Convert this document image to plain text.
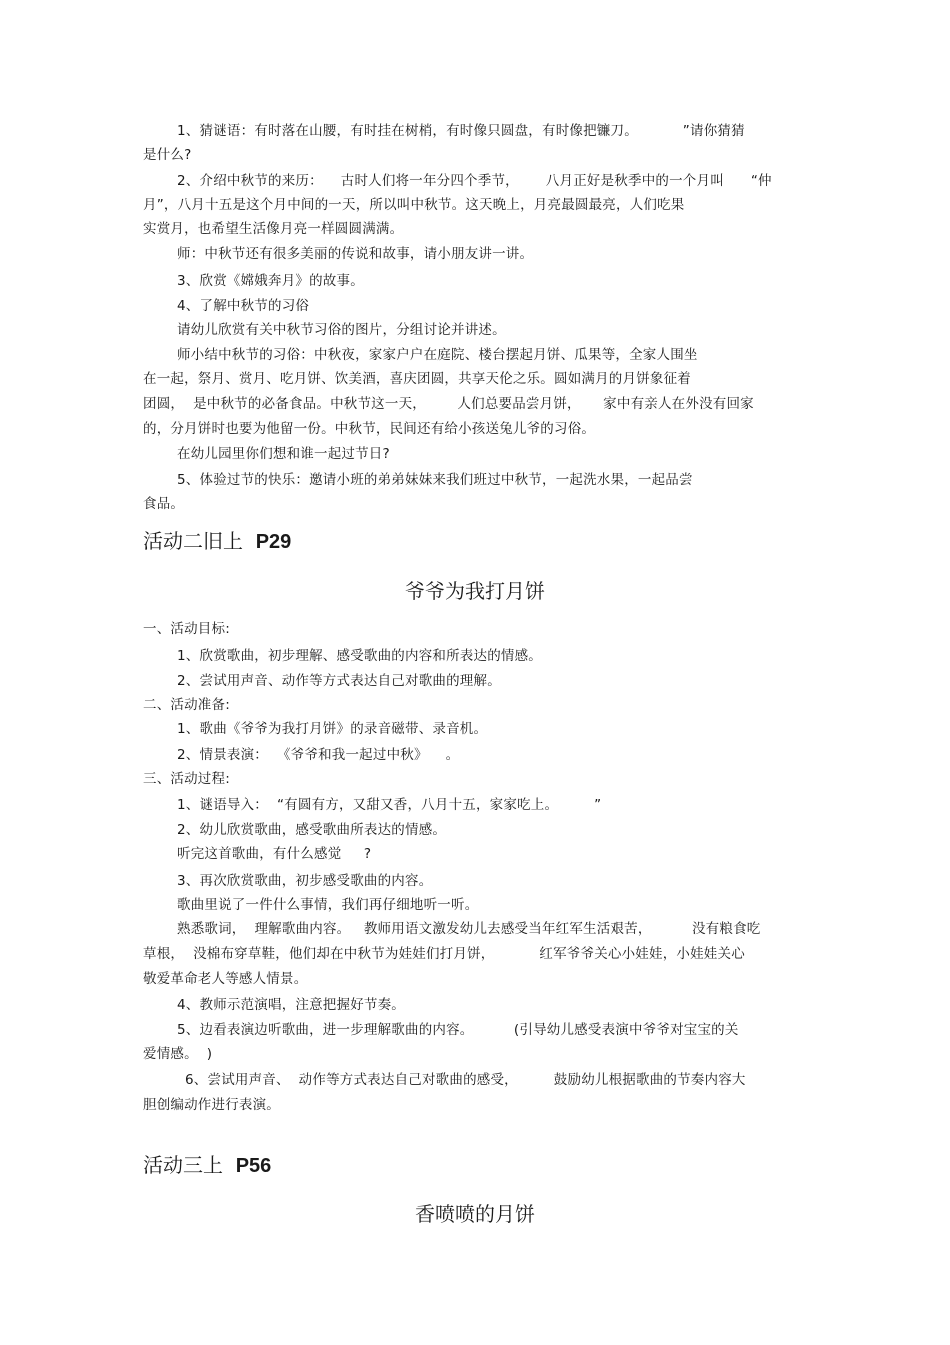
1、猜谜语：有时落在山腰，有时挂在树梢，有时像只圆盘，有时像把镰刀。          ”请你猜猜
是什么?
2、介绍中秋节的来历：    古时人们将一年分四个季节，      八月正好是秋季中的一个月叫      “仲
月”，八月十五是这个月中间的一天，所以叫中秋节。这天晚上，月亮最圆最亮，人们吃果
实赏月，也希望生活像月亮一样圆圆满满。
师：中秋节还有很多美丽的传说和故事，请小朋友讲一讲。
3、欣赏《嫦娥奔月》的故事。
4、了解中秋节的习俗
请幼儿欣赏有关中秋节习俗的图片，分组讨论并讲述。
师小结中秋节的习俗：中秋夜，家家户户在庭院、楼台摆起月饼、瓜果等，全家人围坐
在一起，祭月、赏月、吃月饼、饮美酒，喜庆团圆，共享天伦之乐。圆如满月的月饼象征着
团圆，  是中秋节的必备食品。中秋节这一天，       人们总要品尝月饼，     家中有亲人在外没有回家
的，分月饼时也要为他留一份。中秋节，民间还有给小孩送兔儿爷的习俗。
在幼儿园里你们想和谁一起过节日?
5、体验过节的快乐：邀请小班的弟弟妹妹来我们班过中秋节，一起洗水果，一起品尝
食品。
活动二旧上  P29
爷爷为我打月饼
一、活动目标:
1、欣赏歌曲，初步理解、感受歌曲的内容和所表达的情感。
2、尝试用声音、动作等方式表达自己对歌曲的理解。
二、活动准备:
1、歌曲《爷爷为我打月饼》的录音磁带、录音机。
2、情景表演：  《爷爷和我一起过中秋》    。
三、活动过程:
1、谜语导入：  “有圆有方，又甜又香，八月十五，家家吃上。        ”
2、幼儿欣赏歌曲，感受歌曲所表达的情感。
听完这首歌曲，有什么感觉     ?
3、再次欣赏歌曲，初步感受歌曲的内容。
歌曲里说了一件什么事情，我们再仔细地听一听。
熟悉歌词，  理解歌曲内容。   教师用语文激发幼儿去感受当年红军生活艰苦，         没有粮食吃
草根，  没棉布穿草鞋，他们却在中秋节为娃娃们打月饼，          红军爷爷关心小娃娃，小娃娃关心
敬爱革命老人等感人情景。
4、教师示范演唱，注意把握好节奏。
5、边看表演边听歌曲，进一步理解歌曲的内容。         (引导幼儿感受表演中爷爷对宝宝的关
爱情感。  )
6、尝试用声音、  动作等方式表达自己对歌曲的感受，        鼓励幼儿根据歌曲的节奏内容大
胆创编动作进行表演。
活动三上  P56
香喷喷的月饼
